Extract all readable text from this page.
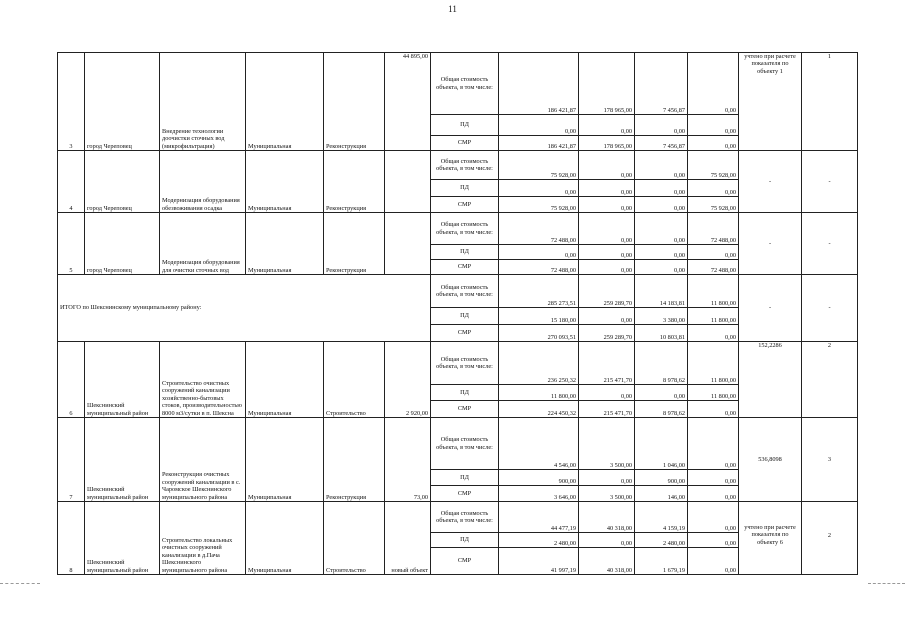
11
3	город Череповец	Внедрение технологии доочистки сточных вод (микрофильтрация)	Муниципальная	Реконструкция	44 895,00	Общая стоимость объекта, в том числе:	186 421,87	178 965,00	7 456,87	0,00	учтено при расчете показателя по объекту 1	1
						ПД	0,00	0,00	0,00	0,00		
						СМР	186 421,87	178 965,00	7 456,87	0,00		
4	город Череповец	Модернизация оборудования обезвоживания осадка	Муниципальная	Реконструкция		Общая стоимость объекта, в том числе:	75 928,00	0,00	0,00	75 928,00	-	-
						ПД	0,00	0,00	0,00	0,00		
						СМР	75 928,00	0,00	0,00	75 928,00		
5	город Череповец	Модернизация оборудования для очистки сточных вод	Муниципальная	Реконструкция		Общая стоимость объекта, в том числе:	72 488,00	0,00	0,00	72 488,00	-	-
						ПД	0,00	0,00	0,00	0,00		
						СМР	72 488,00	0,00	0,00	72 488,00		
ИТОГО по Шекснинскому муниципальному району:						Общая стоимость объекта, в том числе:	285 273,51	259 289,70	14 183,81	11 800,00	-	-
						ПД	15 180,00	0,00	3 380,00	11 800,00		
						СМР	270 093,51	259 289,70	10 803,81	0,00		
6	Шекснинский муниципальный район	Строительство очистных сооружений канализации хозяйственно-бытовых стоков, производительностью 8000 м3/сутки в п. Шексна	Муниципальная	Строительство	2 920,00	Общая стоимость объекта, в том числе:	236 250,32	215 471,70	8 978,62	11 800,00	152,2286	2
						ПД	11 800,00	0,00	0,00	11 800,00		
						СМР	224 450,32	215 471,70	8 978,62	0,00		
7	Шекснинский муниципальный район	Реконструкция очистных сооружений канализации в с. Чаромское Шекснинского муниципального района	Муниципальная	Реконструкция	73,00	Общая стоимость объекта, в том числе:	4 546,00	3 500,00	1 046,00	0,00	536,8098	3
						ПД	900,00	0,00	900,00	0,00		
						СМР	3 646,00	3 500,00	146,00	0,00		
8	Шекснинский муниципальный район	Строительство локальных очистных сооружений канализации в д.Пача Шекснинского муниципального района	Муниципальная	Строительство	новый объект	Общая стоимость объекта, в том числе:	44 477,19	40 318,00	4 159,19	0,00	учтено при расчете показателя по объекту 6	2
						ПД	2 480,00	0,00	2 480,00	0,00		
						СМР	41 997,19	40 318,00	1 679,19	0,00		
